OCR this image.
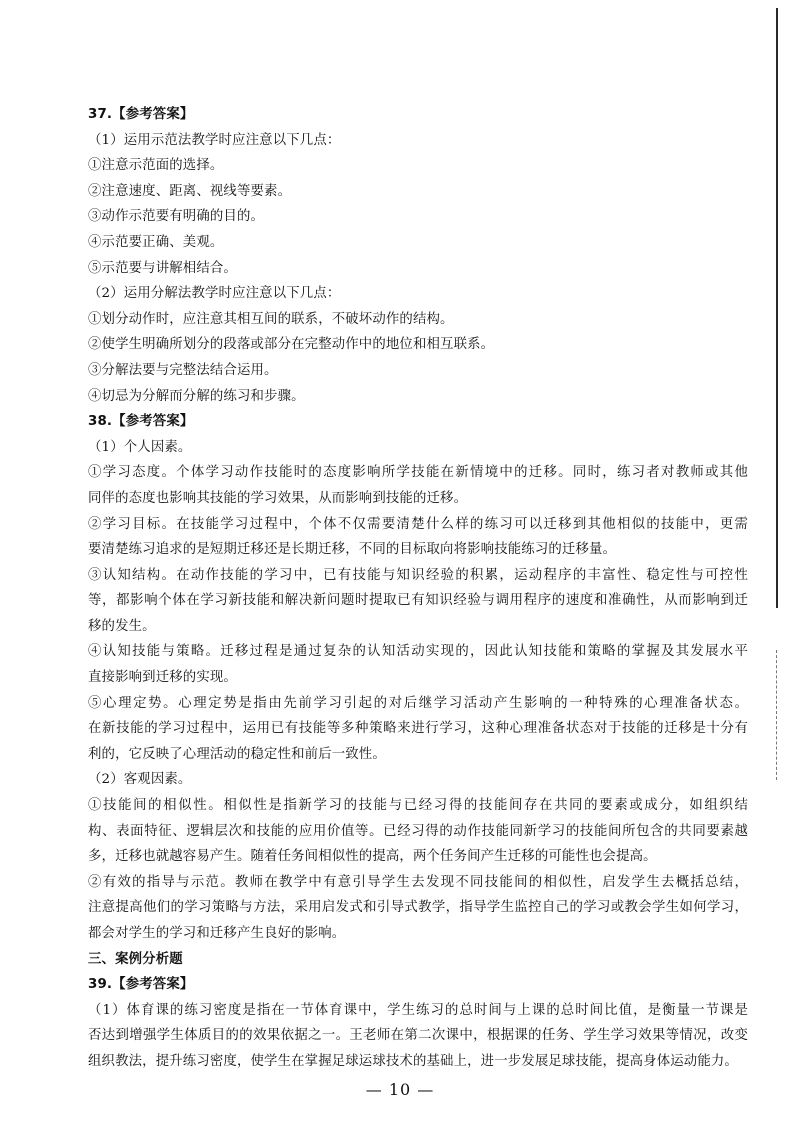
37.【参考答案】
（1）运用示范法教学时应注意以下几点：
①注意示范面的选择。
②注意速度、距离、视线等要素。
③动作示范要有明确的目的。
④示范要正确、美观。
⑤示范要与讲解相结合。
（2）运用分解法教学时应注意以下几点：
①划分动作时，应注意其相互间的联系，不破坏动作的结构。
②使学生明确所划分的段落或部分在完整动作中的地位和相互联系。
③分解法要与完整法结合运用。
④切忌为分解而分解的练习和步骤。
38.【参考答案】
（1）个人因素。
①学习态度。个体学习动作技能时的态度影响所学技能在新情境中的迁移。同时，练习者对教师或其他
同伴的态度也影响其技能的学习效果，从而影响到技能的迁移。
②学习目标。在技能学习过程中，个体不仅需要清楚什么样的练习可以迁移到其他相似的技能中，更需
要清楚练习追求的是短期迁移还是长期迁移，不同的目标取向将影响技能练习的迁移量。
③认知结构。在动作技能的学习中，已有技能与知识经验的积累，运动程序的丰富性、稳定性与可控性
等，都影响个体在学习新技能和解决新问题时提取已有知识经验与调用程序的速度和准确性，从而影响到迁
移的发生。
④认知技能与策略。迁移过程是通过复杂的认知活动实现的，因此认知技能和策略的掌握及其发展水平
直接影响到迁移的实现。
⑤心理定势。心理定势是指由先前学习引起的对后继学习活动产生影响的一种特殊的心理准备状态。
在新技能的学习过程中，运用已有技能等多种策略来进行学习，这种心理准备状态对于技能的迁移是十分有
利的，它反映了心理活动的稳定性和前后一致性。
（2）客观因素。
①技能间的相似性。相似性是指新学习的技能与已经习得的技能间存在共同的要素或成分，如组织结
构、表面特征、逻辑层次和技能的应用价值等。已经习得的动作技能同新学习的技能间所包含的共同要素越
多，迁移也就越容易产生。随着任务间相似性的提高，两个任务间产生迁移的可能性也会提高。
②有效的指导与示范。教师在教学中有意引导学生去发现不同技能间的相似性，启发学生去概括总结，
注意提高他们的学习策略与方法，采用启发式和引导式教学，指导学生监控自己的学习或教会学生如何学习，
都会对学生的学习和迁移产生良好的影响。
三、案例分析题
39.【参考答案】
（1）体育课的练习密度是指在一节体育课中，学生练习的总时间与上课的总时间比值，是衡量一节课是
否达到增强学生体质目的的效果依据之一。王老师在第二次课中，根据课的任务、学生学习效果等情况，改变
组织教法，提升练习密度，使学生在掌握足球运球技术的基础上，进一步发展足球技能，提高身体运动能力。
— 10 —
